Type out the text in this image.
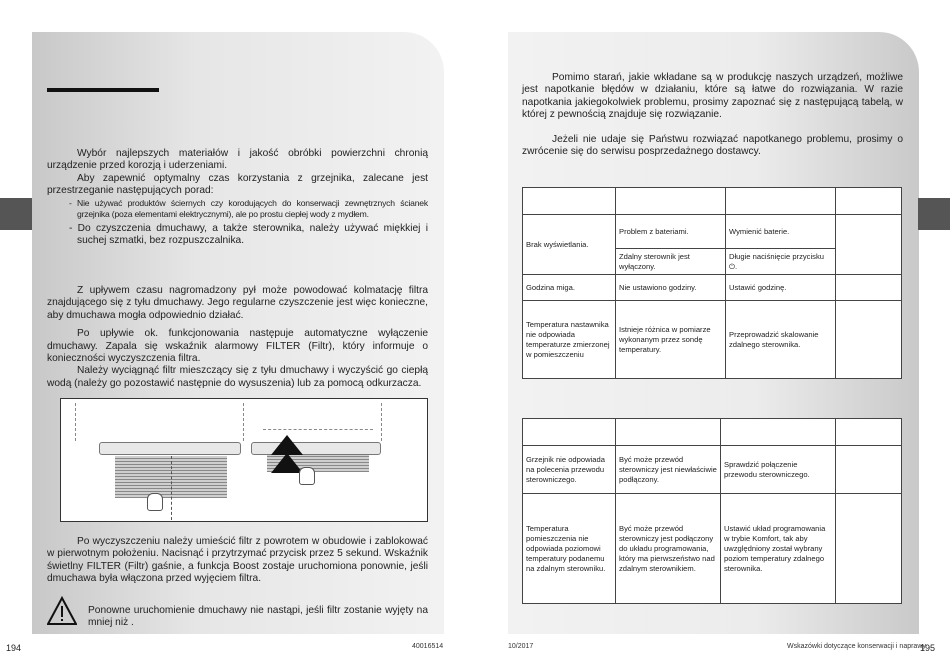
Wybór najlepszych materiałów i jakość obróbki powierzchni chronią urządzenie przed korozją i uderzeniami.

Aby zapewnić optymalny czas korzystania z grzejnika, zalecane jest przestrzeganie następujących porad:

- Nie używać produktów ściernych czy korodujących do konserwacji zewnętrznych ścianek grzejnika (poza elementami elektrycznymi), ale po prostu ciepłej wody z mydłem.

- Do czyszczenia dmuchawy, a także sterownika, należy używać miękkiej i suchej szmatki, bez rozpuszczalnika.

Z upływem czasu nagromadzony pył może powodować kolmatację filtra znajdującego się z tyłu dmuchawy. Jego regularne czyszczenie jest więc konieczne, aby dmuchawa mogła odpowiednio działać.

Po upływie ok. funkcjonowania następuje automatyczne wyłączenie dmuchawy. Zapala się wskaźnik alarmowy FILTER (Filtr), który informuje o konieczności wyczyszczenia filtra.

Należy wyciągnąć filtr mieszczący się z tyłu dmuchawy i wyczyścić go ciepłą wodą (należy go pozostawić następnie do wysuszenia) lub za pomocą odkurzacza.

Po wyczyszczeniu należy umieścić filtr z powrotem w obudowie i zablokować w pierwotnym położeniu. Nacisnąć i przytrzymać przycisk przez 5 sekund. Wskaźnik świetlny FILTER (Filtr) gaśnie, a funkcja Boost zostaje uruchomiona ponownie, jeśli dmuchawa była włączona przed wyjęciem filtra.

Ponowne uruchomienie dmuchawy nie nastąpi, jeśli filtr zostanie wyjęty na mniej niż .
194	40016514

Pomimo starań, jakie wkładane są w produkcję naszych urządzeń, możliwe jest napotkanie błędów w działaniu, które są łatwe do rozwiązania. W razie napotkania jakiegokolwiek problemu, prosimy zapoznać się z następującą tabelą, w której z pewnością znajduje się rozwiązanie.

Jeżeli nie udaje się Państwu rozwiązać napotkanego problemu, prosimy o zwrócenie się do serwisu posprzedażnego dostawcy.

Brak wyświetlania.	Problem z bateriami.	Wymienić baterie.	
	Zdalny sterownik jest wyłączony.	Długie naciśnięcie przycisku ⏻.	
Godzina miga.	Nie ustawiono godziny.	Ustawić godzinę.	
Temperatura nastawnika nie odpowiada temperaturze zmierzonej w pomieszczeniu	Istnieje różnica w pomiarze wykonanym przez sondę temperatury.	Przeprowadzić skalowanie zdalnego sterownika.	

Grzejnik nie odpowiada na polecenia przewodu sterowniczego.	Być może przewód sterowniczy jest niewłaściwie podłączony.	Sprawdzić połączenie przewodu sterowniczego.	
Temperatura pomieszczenia nie odpowiada poziomowi temperatury podanemu na zdalnym sterowniku.	Być może przewód sterowniczy jest podłączony do układu programowania, który ma pierwszeństwo nad zdalnym sterownikiem.	Ustawić układ programowania w trybie Komfort, tak aby uwzględniony został wybrany poziom temperatury zdalnego sterownika.	
10/2017	Wskazówki dotyczące konserwacji i naprawy
195
